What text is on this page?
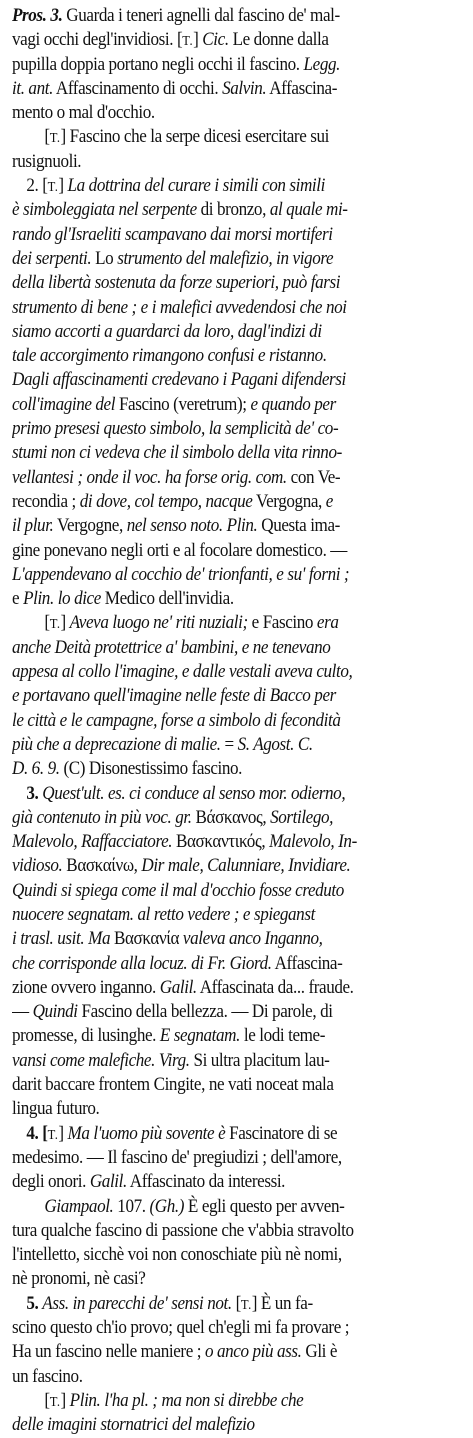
Pros. 3. Guarda i teneri agnelli dal fascino de' mal-
vagi occhi degl'invidiosi. [T.] Cic. Le donne dalla
pupilla doppia portano negli occhi il fascino. Legg.
it. ant. Affascinamento di occhi. Salvin. Affascina-
mento o mal d'occhio.
[T.] Fascino che la serpe dicesi esercitare sui
rusignuoli.
2. [T.] La dottrina del curare i simili con simili
è simboleggiata nel serpente di bronzo, al quale mi-
rando gl'Israeliti scampavano dai morsi mortiferi
dei serpenti. Lo strumento del malefizio, in vigore
della libertà sostenuta da forze superiori, può farsi
strumento di bene ; e i malefici avvedendosi che noi
siamo accorti a guardarci da loro, dagl'indizi di
tale accorgimento rimangono confusi e ristanno.
Dagli affascinamenti credevano i Pagani difendersi
coll'imagine del Fascino (veretrum); e quando per
primo presesi questo simbolo, la semplicità de' co-
stumi non ci vedeva che il simbolo della vita rinno-
vellantesi ; onde il voc. ha forse orig. com. con Ve-
recondia ; di dove, col tempo, nacque Vergogna, e
il plur. Vergogne, nel senso noto. Plin. Questa ima-
gine ponevano negli orti e al focolare domestico. —
L'appendevano al cocchio de' trionfanti, e su' forni ;
e Plin. lo dice Medico dell'invidia.
[T.] Aveva luogo ne' riti nuziali; e Fascino era
anche Deità protettrice a' bambini, e ne tenevano
appesa al collo l'imagine, e dalle vestali aveva culto,
e portavano quell'imagine nelle feste di Bacco per
le città e le campagne, forse a simbolo di fecondità
più che a deprecazione di malie. = S. Agost. C.
D. 6. 9. (C) Disonestissimo fascino.
3. Quest'ult. es. ci conduce al senso mor. odierno,
già contenuto in più voc. gr. Βάσκανος, Sortilego,
Malevolo, Raffacciatore. Βασκαντικός, Malevolo, In-
vidioso. Βασκαίνω, Dir male, Calunniare, Invidiare.
Quindi si spiega come il mal d'occhio fosse creduto
nuocere segnatam. al retto vedere ; e spieganst
i trasl. usit. Ma Βασκανία valeva anco Inganno,
che corrisponde alla locuz. di Fr. Giord. Affascina-
zione ovvero inganno. Galil. Affascinata da... fraude.
— Quindi Fascino della bellezza. — Di parole, di
promesse, di lusinghe. E segnatam. le lodi teme-
vansi come malefiche. Virg. Si ultra placitum lau-
darit baccare frontem Cingite, ne vati noceat mala
lingua futuro.
4. [T.] Ma l'uomo più sovente è Fascinatore di se
medesimo. — Il fascino de' pregiudizi ; dell'amore,
degli onori. Galil. Affascinato da interessi.
Giampaol. 107. (Gh.) È egli questo per avven-
tura qualche fascino di passione che v'abbia stravolto
l'intelletto, sicchè voi non conoschiate più nè nomi,
nè pronomi, nè casi?
5. Ass. in parecchi de' sensi not. [T.] È un fa-
scino questo ch'io provo; quel ch'egli mi fa provare ;
Ha un fascino nelle maniere ; o anco più ass. Gli è
un fascino.
[T.] Plin. l'ha pl. ; ma non si direbbe che
delle imagini stornatrici del malefizio
